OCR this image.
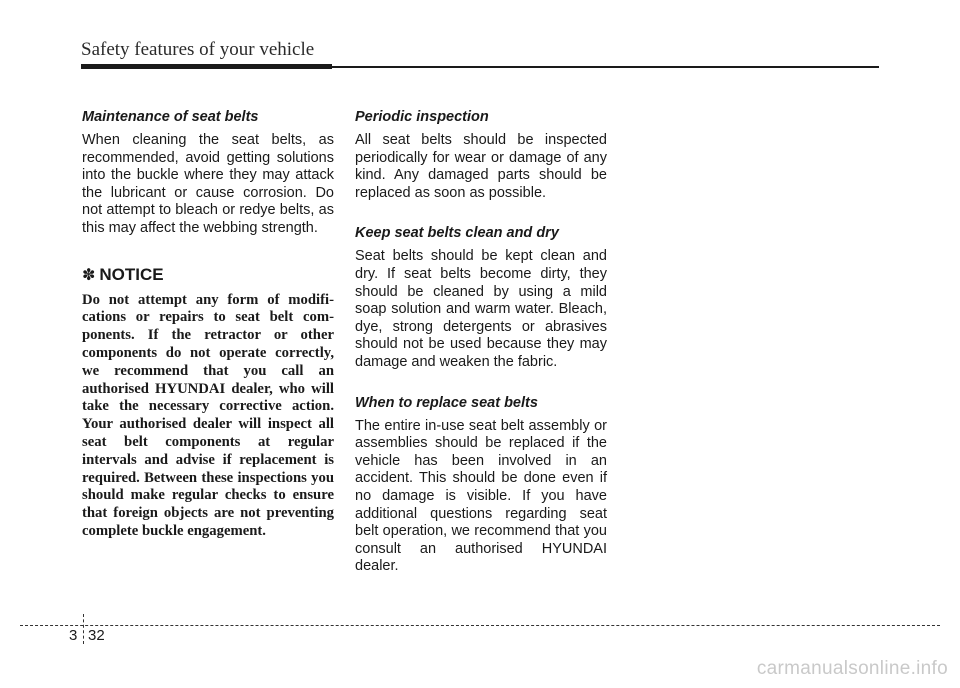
Safety features of your vehicle
Maintenance of seat belts

When cleaning the seat belts, as recommended, avoid getting solutions into the buckle where they may attack the lubricant or cause corrosion. Do not attempt to bleach or redye belts, as this may affect the webbing strength.

✽ NOTICE

Do not attempt any form of modifications or repairs to seat belt components. If the retractor or other components do not operate correctly, we recommend that you call an authorised HYUNDAI dealer, who will take the necessary corrective action. Your authorised dealer will inspect all seat belt components at regular intervals and advise if replacement is required. Between these inspections you should make regular checks to ensure that foreign objects are not preventing complete buckle engagement.

Periodic inspection

All seat belts should be inspected periodically for wear or damage of any kind. Any damaged parts should be replaced as soon as possible.

Keep seat belts clean and dry

Seat belts should be kept clean and dry. If seat belts become dirty, they should be cleaned by using a mild soap solution and warm water. Bleach, dye, strong detergents or abrasives should not be used because they may damage and weaken the fabric.

When to replace seat belts

The entire in-use seat belt assembly or assemblies should be replaced if the vehicle has been involved in an accident. This should be done even if no damage is visible. If you have additional questions regarding seat belt operation, we recommend that you consult an authorised HYUNDAI dealer.

3 32
carmanualsonline.info
